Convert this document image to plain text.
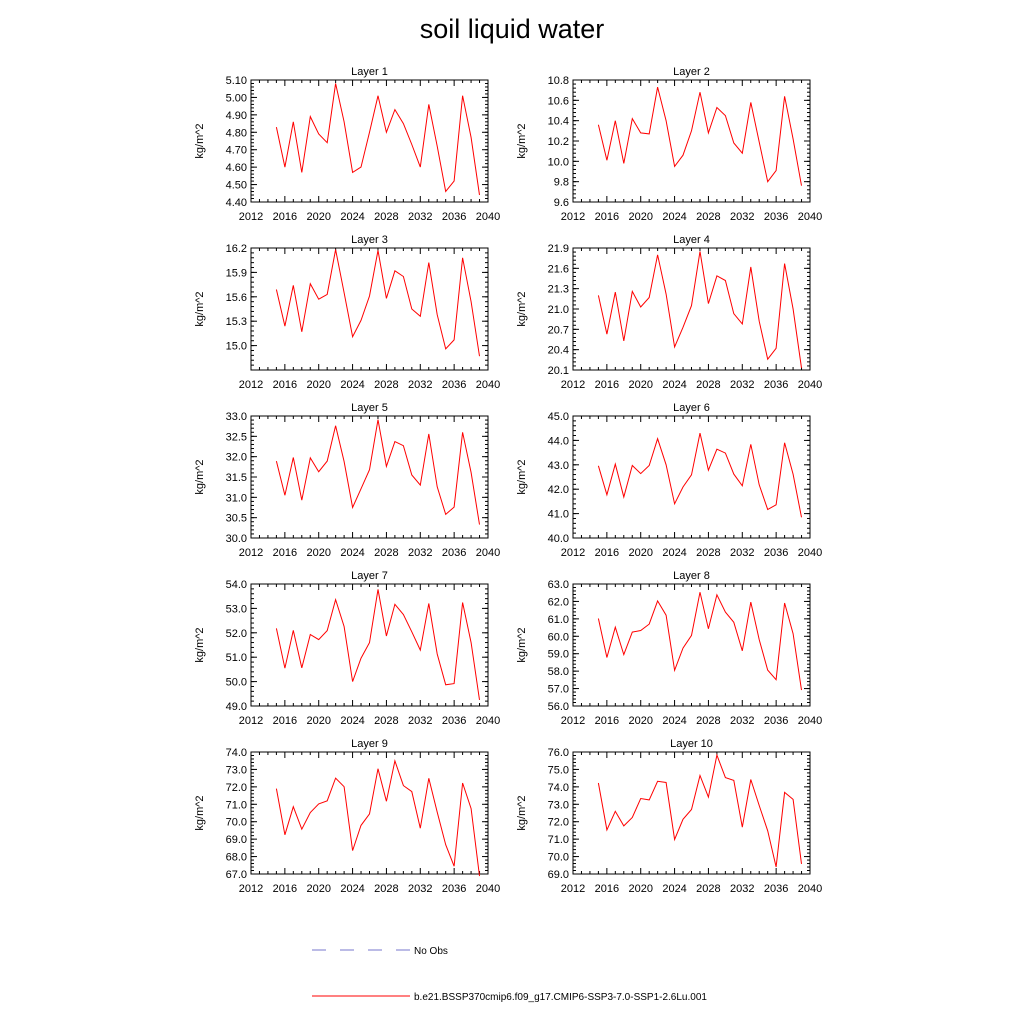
soil liquid water
Layer 1
kg/m^2
2012 2016 2020 2024 2028 2032 2036 2040
4.40
4.50
4.60
4.70
4.80
4.90
5.00
5.10
Layer 2
kg/m^2
2012 2016 2020 2024 2028 2032 2036 2040
9.6
9.8
10.0
10.2
10.4
10.6
10.8
Layer 3
kg/m^2
2012 2016 2020 2024 2028 2032 2036 2040
15.0
15.3
15.6
15.9
16.2
Layer 4
kg/m^2
2012 2016 2020 2024 2028 2032 2036 2040
20.1
20.4
20.7
21.0
21.3
21.6
21.9
Layer 5
kg/m^2
2012 2016 2020 2024 2028 2032 2036 2040
30.0
30.5
31.0
31.5
32.0
32.5
33.0
Layer 6
kg/m^2
2012 2016 2020 2024 2028 2032 2036 2040
40.0
41.0
42.0
43.0
44.0
45.0
Layer 7
kg/m^2
2012 2016 2020 2024 2028 2032 2036 2040
49.0
50.0
51.0
52.0
53.0
54.0
Layer 8
kg/m^2
2012 2016 2020 2024 2028 2032 2036 2040
56.0
57.0
58.0
59.0
60.0
61.0
62.0
63.0
Layer 9
kg/m^2
2012 2016 2020 2024 2028 2032 2036 2040
67.0
68.0
69.0
70.0
71.0
72.0
73.0
74.0
Layer 10
kg/m^2
2012 2016 2020 2024 2028 2032 2036 2040
69.0
70.0
71.0
72.0
73.0
74.0
75.0
76.0
No Obs
b.e21.BSSP370cmip6.f09_g17.CMIP6-SSP3-7.0-SSP1-2.6Lu.001
